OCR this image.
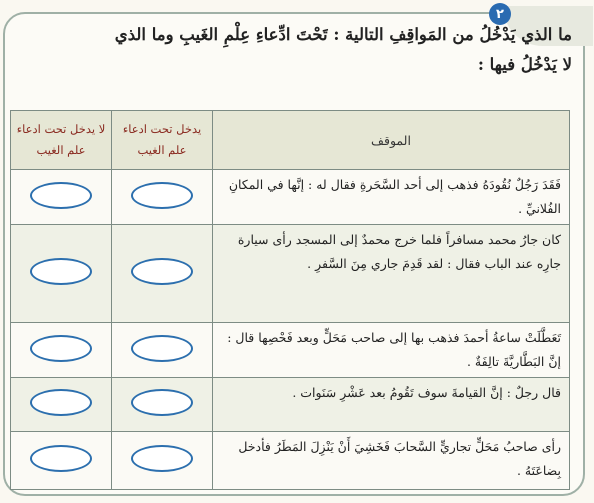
٢
ما الذي يَدْخُلُ من المَواقِفِ التالية : تَحْتَ ادِّعاءِ عِلْمِ الغَيبِ وما الذي
لا يَدْخُلُ فيها :
الموقف	يدخل تحت ادعاء علم الغيب	لا يدخل تحت ادعاء علم الغيب
فَقَدَ رَجُلٌ نُقُودَهُ فذهب إلى أحد السَّحَرةِ فقال له : إنَّها في المكانِ الفُلانيِّ .		
كان جارُ محمد مسافراً فلما خرج محمدٌ إلى المسجد رأى سيارة جارِه عند الباب فقال : لقد قَدِمَ جاري مِنَ السَّفرِ .		
تَعَطَّلَتْ ساعةُ أحمدَ فذهب بها إلى صاحب مَحَلٍّ وبعد فَحْصِها قال : إنَّ البَطَّاريَّةَ تالِفَةٌ .		
قال رجلٌ : إنَّ القيامةَ سوف تَقُومُ بعد عَشْرِ سَنَوات .		
رأى صاحبُ مَحَلٍّ تجاريٍّ السَّحابَ فَخَشِيَ أَنْ يَنْزِلَ المَطَرُ فأدخل بِضاعَتَهُ .		
